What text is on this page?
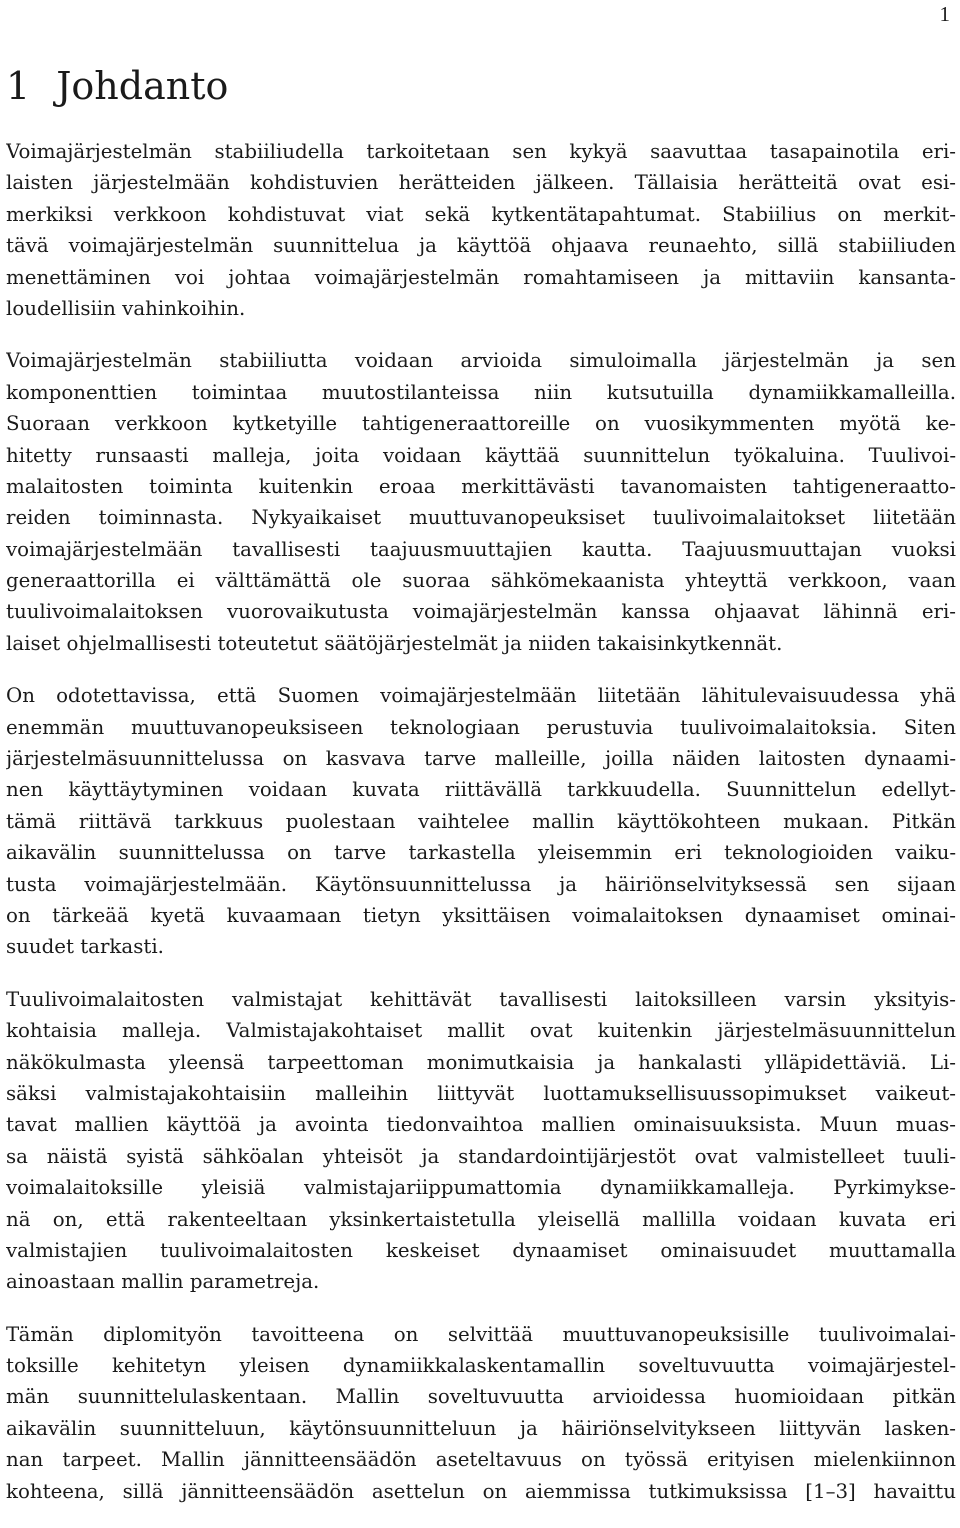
1
1 Johdanto
Voimajärjestelmän stabiiliudella tarkoitetaan sen kykyä saavuttaa tasapainotila eri-
laisten järjestelmään kohdistuvien herätteiden jälkeen. Tällaisia herätteitä ovat esi-
merkiksi verkkoon kohdistuvat viat sekä kytkentätapahtumat. Stabiilius on merkit-
tävä voimajärjestelmän suunnittelua ja käyttöä ohjaava reunaehto, sillä stabiiliuden
menettäminen voi johtaa voimajärjestelmän romahtamiseen ja mittaviin kansanta-
loudellisiin vahinkoihin.
Voimajärjestelmän stabiiliutta voidaan arvioida simuloimalla järjestelmän ja sen
komponenttien toimintaa muutostilanteissa niin kutsutuilla dynamiikkamalleilla.
Suoraan verkkoon kytketyille tahtigeneraattoreille on vuosikymmenten myötä ke-
hitetty runsaasti malleja, joita voidaan käyttää suunnittelun työkaluina. Tuulivoi-
malaitosten toiminta kuitenkin eroaa merkittävästi tavanomaisten tahtigeneraatto-
reiden toiminnasta. Nykyaikaiset muuttuvanopeuksiset tuulivoimalaitokset liitetään
voimajärjestelmään tavallisesti taajuusmuuttajien kautta. Taajuusmuuttajan vuoksi
generaattorilla ei välttämättä ole suoraa sähkömekaanista yhteyttä verkkoon, vaan
tuulivoimalaitoksen vuorovaikutusta voimajärjestelmän kanssa ohjaavat lähinnä eri-
laiset ohjelmallisesti toteutetut säätöjärjestelmät ja niiden takaisinkytkennät.
On odotettavissa, että Suomen voimajärjestelmään liitetään lähitulevaisuudessa yhä
enemmän muuttuvanopeuksiseen teknologiaan perustuvia tuulivoimalaitoksia. Siten
järjestelmäsuunnittelussa on kasvava tarve malleille, joilla näiden laitosten dynaami-
nen käyttäytyminen voidaan kuvata riittävällä tarkkuudella. Suunnittelun edellyt-
tämä riittävä tarkkuus puolestaan vaihtelee mallin käyttökohteen mukaan. Pitkän
aikavälin suunnittelussa on tarve tarkastella yleisemmin eri teknologioiden vaiku-
tusta voimajärjestelmään. Käytönsuunnittelussa ja häiriönselvityksessä sen sijaan
on tärkeää kyetä kuvaamaan tietyn yksittäisen voimalaitoksen dynaamiset ominai-
suudet tarkasti.
Tuulivoimalaitosten valmistajat kehittävät tavallisesti laitoksilleen varsin yksityis-
kohtaisia malleja. Valmistajakohtaiset mallit ovat kuitenkin järjestelmäsuunnittelun
näkökulmasta yleensä tarpeettoman monimutkaisia ja hankalasti ylläpidettäviä. Li-
säksi valmistajakohtaisiin malleihin liittyvät luottamuksellisuussopimukset vaikeut-
tavat mallien käyttöä ja avointa tiedonvaihtoa mallien ominaisuuksista. Muun muas-
sa näistä syistä sähköalan yhteisöt ja standardointijärjestöt ovat valmistelleet tuuli-
voimalaitoksille yleisiä valmistajariippumattomia dynamiikkamalleja. Pyrkimykse-
nä on, että rakenteeltaan yksinkertaistetulla yleisellä mallilla voidaan kuvata eri
valmistajien tuulivoimalaitosten keskeiset dynaamiset ominaisuudet muuttamalla
ainoastaan mallin parametreja.
Tämän diplomityön tavoitteena on selvittää muuttuvanopeuksisille tuulivoimalai-
toksille kehitetyn yleisen dynamiikkalaskentamallin soveltuvuutta voimajärjestel-
män suunnittelulaskentaan. Mallin soveltuvuutta arvioidessa huomioidaan pitkän
aikavälin suunnitteluun, käytönsuunnitteluun ja häiriönselvitykseen liittyvän lasken-
nan tarpeet. Mallin jännitteensäädön aseteltavuus on työssä erityisen mielenkiinnon
kohteena, sillä jännitteensäädön asettelun on aiemmissa tutkimuksissa [1–3] havaittu
